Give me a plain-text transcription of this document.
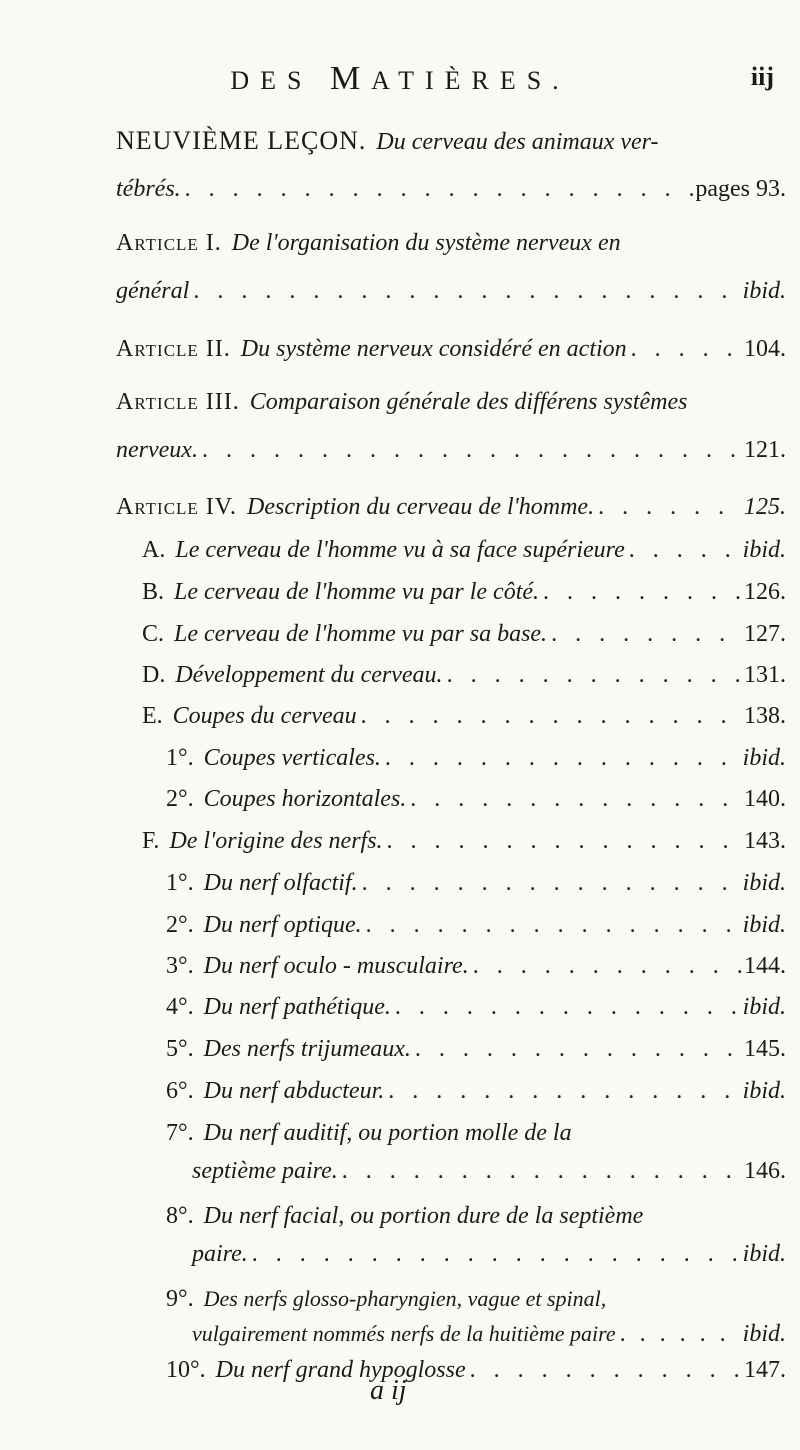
DES MATIÈRES.	iij
NEUVIÈME LEÇON. Du cerveau des animaux ver-
tébrés. . . .	pages 93.
Article I. De l'organisation du système nerveux en
général . . .	ibid.
Article II. Du système nerveux considéré en action . . .	104.
Article III. Comparaison générale des différens systêmes
nerveux. . . .	121.
Article IV. Description du cerveau de l'homme. . . .	125.
A. Le cerveau de l'homme vu à sa face supérieure . . .	ibid.
B. Le cerveau de l'homme vu par le côté. . . .	126.
C. Le cerveau de l'homme vu par sa base. . . .	127.
D. Développement du cerveau. . . .	131.
E. Coupes du cerveau . . .	138.
1°. Coupes verticales. . . .	ibid.
2°. Coupes horizontales. . . .	140.
F. De l'origine des nerfs. . . .	143.
1°. Du nerf olfactif. . . .	ibid.
2°. Du nerf optique. . . .	ibid.
3°. Du nerf oculo - musculaire. . . .	144.
4°. Du nerf pathétique. . . .	ibid.
5°. Des nerfs trijumeaux. . . .	145.
6°. Du nerf abducteur. . . .	ibid.
7°. Du nerf auditif, ou portion molle de la
septième paire. . . .	146.
8°. Du nerf facial, ou portion dure de la septième
paire. . . .	ibid.
9°. Des nerfs glosso-pharyngien, vague et spinal,
vulgairement nommés nerfs de la huitième paire . . .	ibid.
10°. Du nerf grand hypoglosse . . .	147.
a ij
